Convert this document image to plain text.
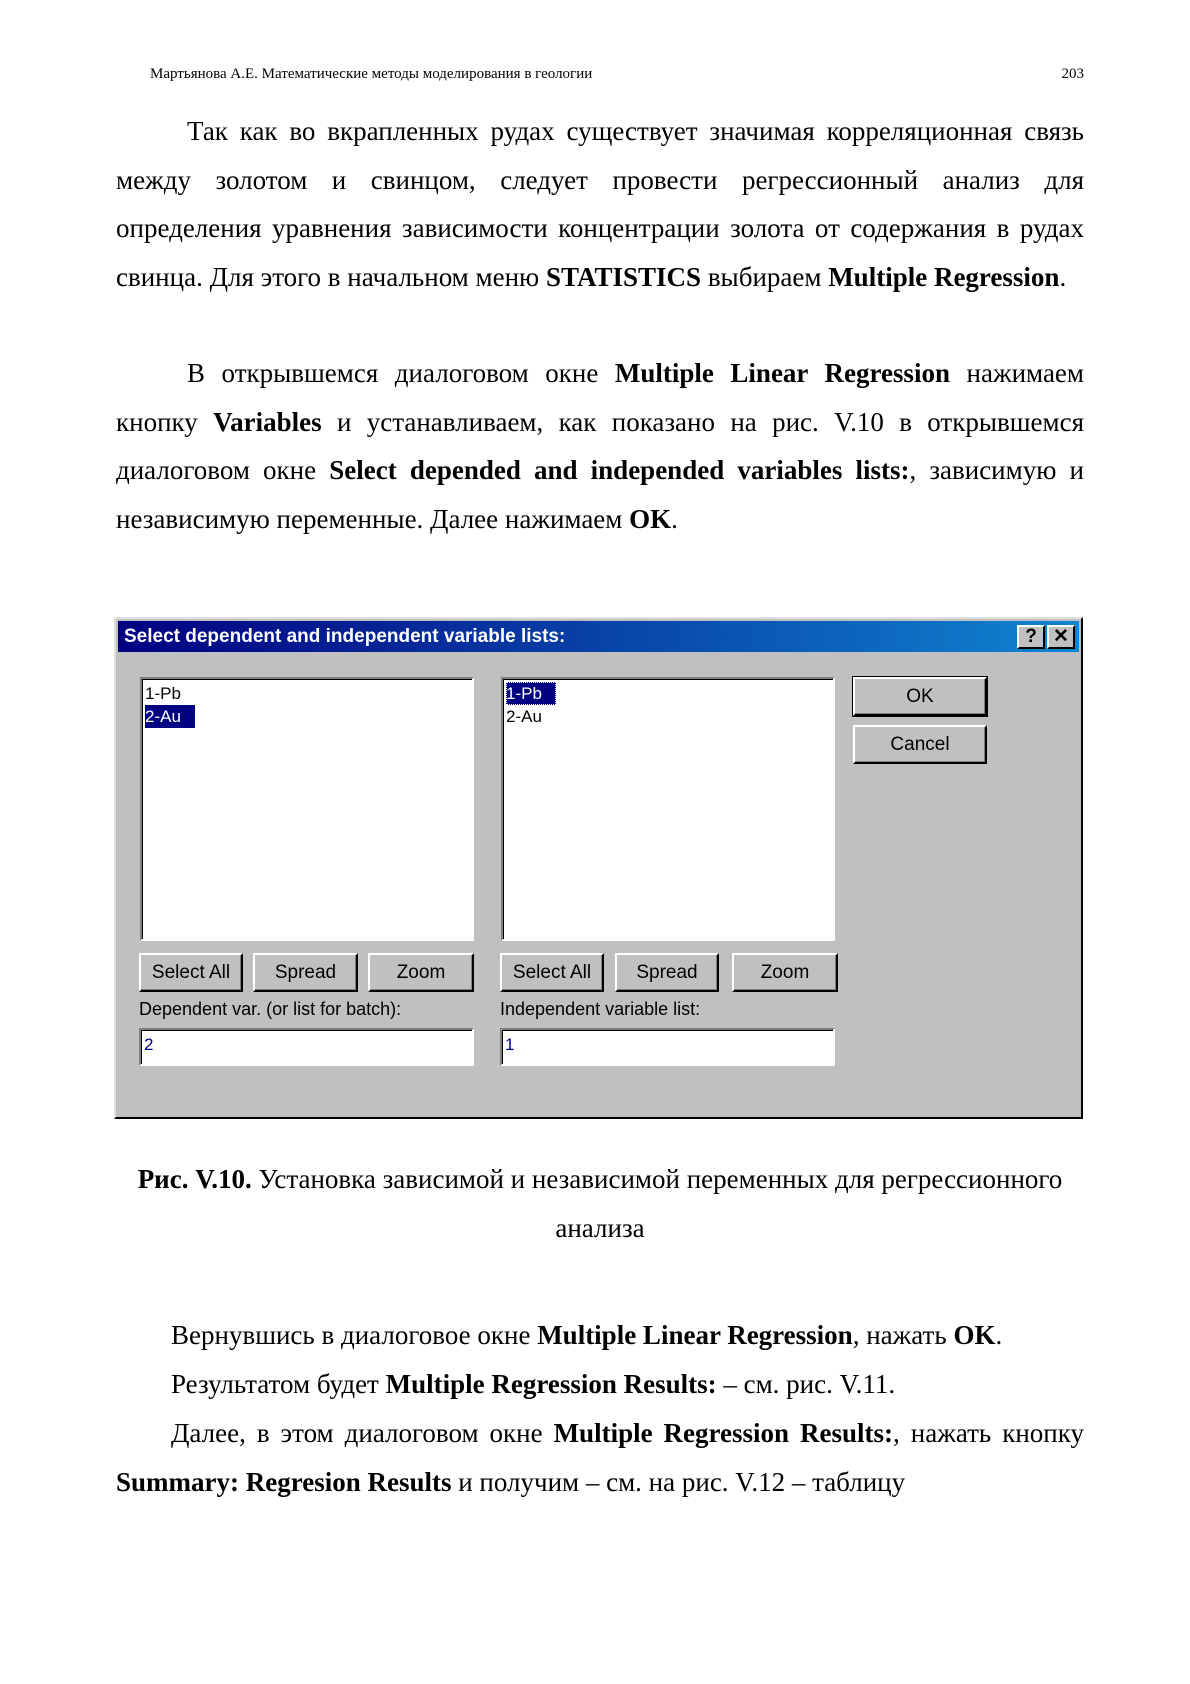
Мартьянова А.Е. Математические методы моделирования в геологии	203

Так как во вкрапленных рудах существует значимая корреляционная связь между золотом и свинцом, следует провести регрессионный анализ для определения уравнения зависимости концентрации золота от содержания в рудах свинца. Для этого в начальном меню STATISTICS выбираем Multiple Regression.

В открывшемся диалоговом окне Multiple Linear Regression нажимаем кнопку Variables и устанавливаем, как показано на рис. V.10 в открывшемся диалоговом окне Select depended and independed variables lists:, зависимую и независимую переменные. Далее нажимаем OK.

Select dependent and independent variable lists:	? ✕
1-Pb
2-Au
1-Pb
2-Au
OK
Cancel
Select All	Spread	Zoom	Select All	Spread	Zoom
Dependent var. (or list for batch):	Independent variable list:
2	1
Рис. V.10. Установка зависимой и независимой переменных для регрессионного анализа

Вернувшись в диалоговое окне Multiple Linear Regression, нажать OK.

Результатом будет Multiple Regression Results: – см. рис. V.11.

Далее, в этом диалоговом окне Multiple Regression Results:, нажать кнопку Summary: Regresion Results и получим – см. на рис. V.12 – таблицу
